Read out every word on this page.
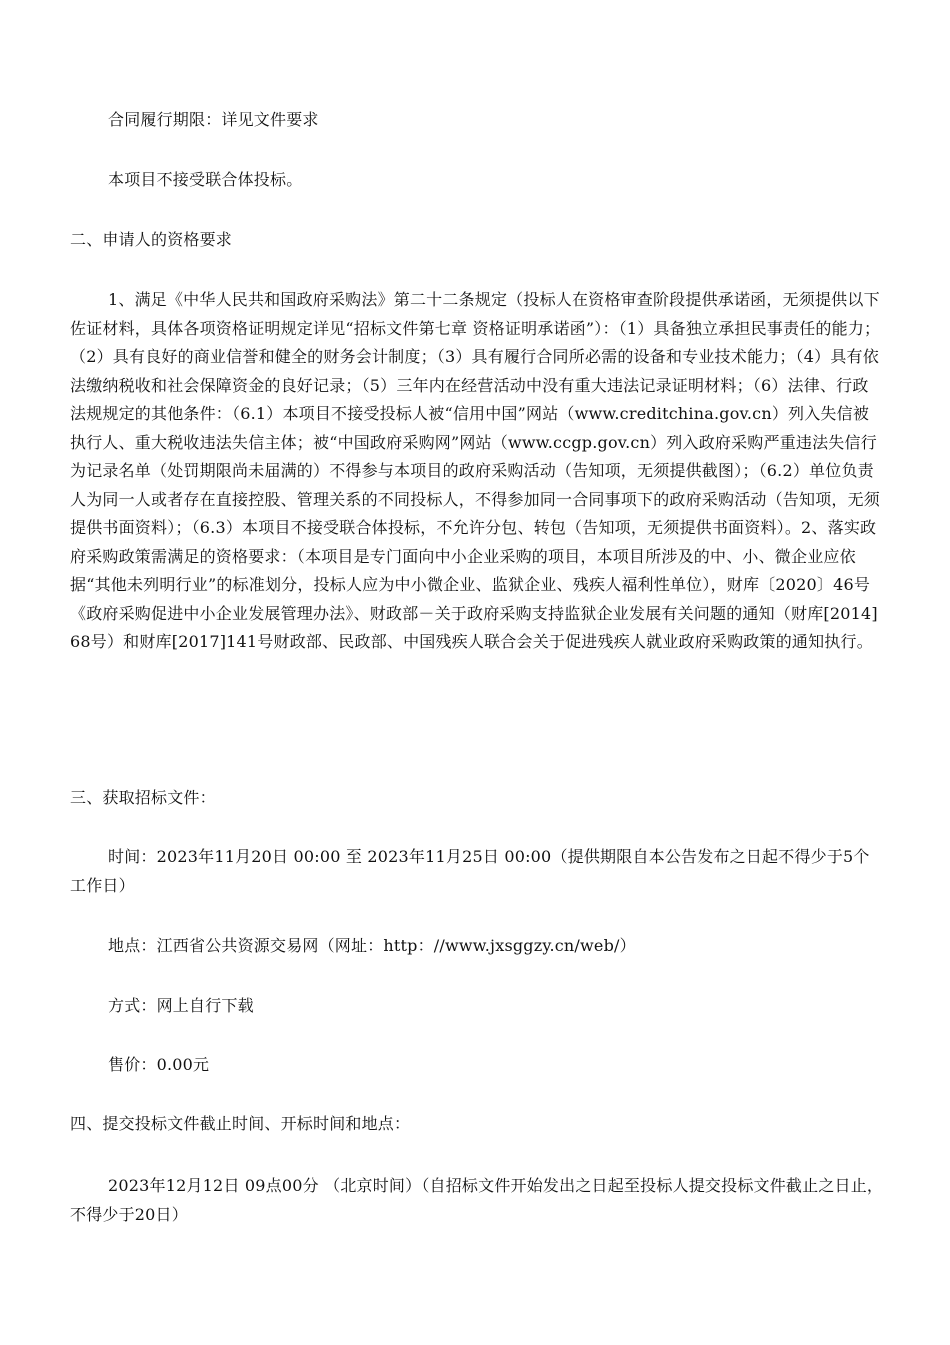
合同履行期限：详见文件要求

本项目不接受联合体投标。

二、申请人的资格要求

1、满足《中华人民共和国政府采购法》第二十二条规定（投标人在资格审查阶段提供承诺函，无须提供以下佐证材料，具体各项资格证明规定详见“招标文件第七章 资格证明承诺函”）：（1）具备独立承担民事责任的能力；（2）具有良好的商业信誉和健全的财务会计制度；（3）具有履行合同所必需的设备和专业技术能力；（4）具有依法缴纳税收和社会保障资金的良好记录；（5）三年内在经营活动中没有重大违法记录证明材料；（6）法律、行政法规规定的其他条件：（6.1）本项目不接受投标人被“信用中国”网站（www.creditchina.gov.cn）列入失信被执行人、重大税收违法失信主体；被“中国政府采购网”网站（www.ccgp.gov.cn）列入政府采购严重违法失信行为记录名单（处罚期限尚未届满的）不得参与本项目的政府采购活动（告知项，无须提供截图）；（6.2）单位负责人为同一人或者存在直接控股、管理关系的不同投标人，不得参加同一合同事项下的政府采购活动（告知项，无须提供书面资料）；（6.3）本项目不接受联合体投标，不允许分包、转包（告知项，无须提供书面资料）。2、落实政府采购政策需满足的资格要求：（本项目是专门面向中小企业采购的项目，本项目所涉及的中、小、微企业应依据“其他未列明行业”的标准划分，投标人应为中小微企业、监狱企业、残疾人福利性单位），财库〔2020〕46号《政府采购促进中小企业发展管理办法》、财政部－关于政府采购支持监狱企业发展有关问题的通知（财库[2014]68号）和财库[2017]141号财政部、民政部、中国残疾人联合会关于促进残疾人就业政府采购政策的通知执行。

三、获取招标文件：

时间：2023年11月20日 00:00 至 2023年11月25日 00:00（提供期限自本公告发布之日起不得少于5个工作日）

地点：江西省公共资源交易网（网址：http：//www.jxsggzy.cn/web/）

方式：网上自行下载

售价：0.00元

四、提交投标文件截止时间、开标时间和地点：

2023年12月12日 09点00分 （北京时间）（自招标文件开始发出之日起至投标人提交投标文件截止之日止，不得少于20日）
